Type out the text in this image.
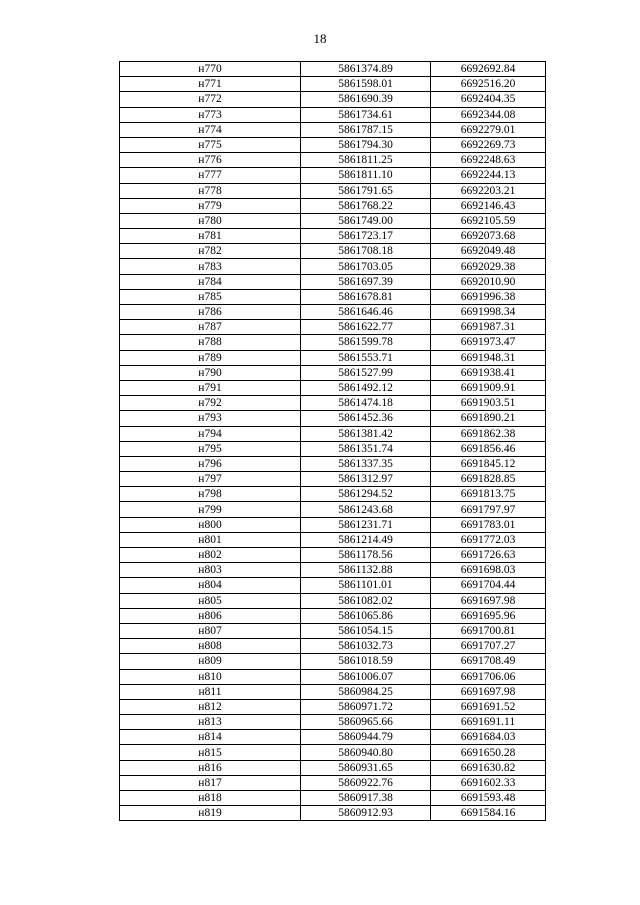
18
н770	5861374.89	6692692.84
н771	5861598.01	6692516.20
н772	5861690.39	6692404.35
н773	5861734.61	6692344.08
н774	5861787.15	6692279.01
н775	5861794.30	6692269.73
н776	5861811.25	6692248.63
н777	5861811.10	6692244.13
н778	5861791.65	6692203.21
н779	5861768.22	6692146.43
н780	5861749.00	6692105.59
н781	5861723.17	6692073.68
н782	5861708.18	6692049.48
н783	5861703.05	6692029.38
н784	5861697.39	6692010.90
н785	5861678.81	6691996.38
н786	5861646.46	6691998.34
н787	5861622.77	6691987.31
н788	5861599.78	6691973.47
н789	5861553.71	6691948.31
н790	5861527.99	6691938.41
н791	5861492.12	6691909.91
н792	5861474.18	6691903.51
н793	5861452.36	6691890.21
н794	5861381.42	6691862.38
н795	5861351.74	6691856.46
н796	5861337.35	6691845.12
н797	5861312.97	6691828.85
н798	5861294.52	6691813.75
н799	5861243.68	6691797.97
н800	5861231.71	6691783.01
н801	5861214.49	6691772.03
н802	5861178.56	6691726.63
н803	5861132.88	6691698.03
н804	5861101.01	6691704.44
н805	5861082.02	6691697.98
н806	5861065.86	6691695.96
н807	5861054.15	6691700.81
н808	5861032.73	6691707.27
н809	5861018.59	6691708.49
н810	5861006.07	6691706.06
н811	5860984.25	6691697.98
н812	5860971.72	6691691.52
н813	5860965.66	6691691.11
н814	5860944.79	6691684.03
н815	5860940.80	6691650.28
н816	5860931.65	6691630.82
н817	5860922.76	6691602.33
н818	5860917.38	6691593.48
н819	5860912.93	6691584.16
